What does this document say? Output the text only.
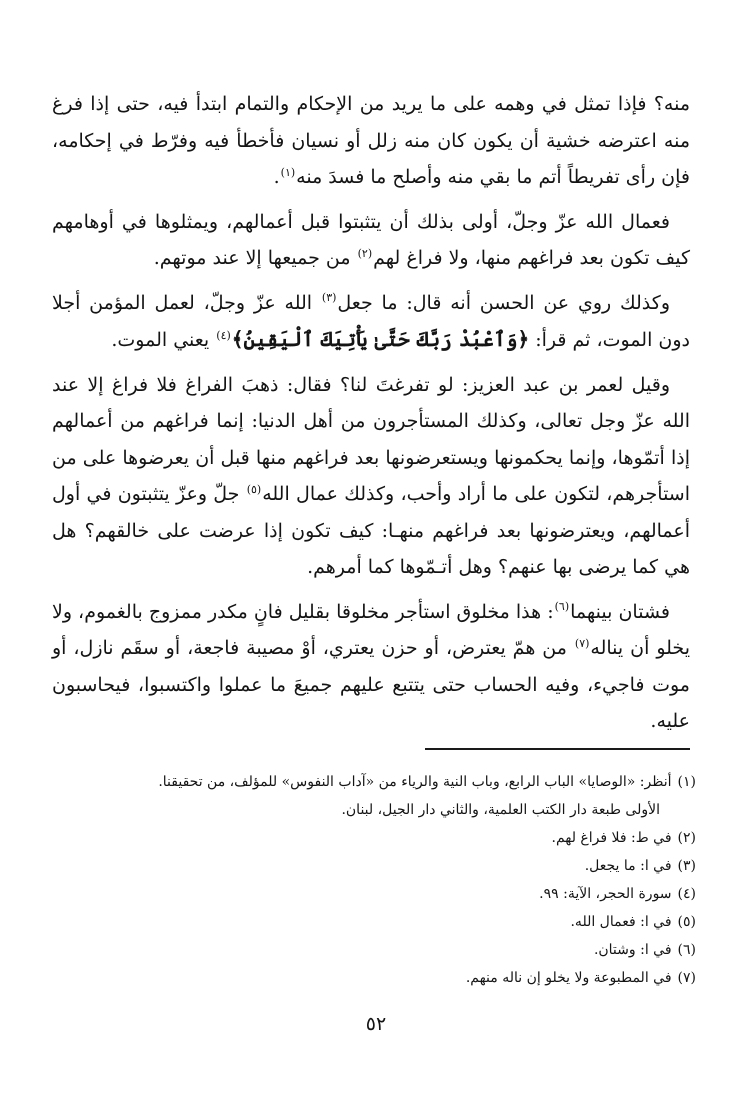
منه؟ فإذا تمثل في وهمه على ما يريد من الإحكام والتمام ابتدأ فيه، حتى إذا فرغ منه اعترضه خشية أن يكون كان منه زلل أو نسيان فأخطأ فيه وفرّط في إحكامه، فإن رأى تفريطاً أتم ما بقي منه وأصلح ما فسدَ منه$^{(١)}$.

فعمال الله عزّ وجلّ، أولى بذلك أن يتثبتوا قبل أعمالهم، ويمثلوها في أوهامهم كيف تكون بعد فراغهم منها، ولا فراغ لهم$^{(٢)}$ من جميعها إلا عند موتهم.

وكذلك روي عن الحسن أنه قال: ما جعل$^{(٣)}$ الله عزّ وجلّ، لعمل المؤمن أجلا دون الموت، ثم قرأ: ﴿وَٱعْبُدْ رَبَّكَ حَتَّىٰ يَأْتِيَكَ ٱلْيَقِينُ﴾$^{(٤)}$ يعني الموت.

وقيل لعمر بن عبد العزيز: لو تفرغتَ لنا؟ فقال: ذهبَ الفراغ فلا فراغ إلا عند الله عزّ وجل تعالى، وكذلك المستأجرون من أهل الدنيا: إنما فراغهم من أعمالهم إذا أتمّوها، وإنما يحكمونها ويستعرضونها بعد فراغهم منها قبل أن يعرضوها على من استأجرهم، لتكون على ما أراد وأحب، وكذلك عمال الله$^{(٥)}$ جلّ وعزّ يتثبتون في أول أعمالهم، ويعترضونها بعد فراغهم منهـا: كيف تكون إذا عرضت على خالقهم؟ هل هي كما يرضى بها عنهم؟ وهل أتـمّوها كما أمرهم.

فشتان بينهما$^{(٦)}$: هذا مخلوق استأجر مخلوقا بقليل فانٍ مكدر ممزوج بالغموم، ولا يخلو أن يناله$^{(٧)}$ من همّ يعترض، أو حزن يعتري، أوْ مصيبة فاجعة، أو سقَم نازل، أو موت فاجيء، وفيه الحساب حتى يتتبع عليهم جميعَ ما عملوا واكتسبوا، فيحاسبون عليه.

(١)أنظر: «الوصايا» الباب الرابع، وباب النية والرياء من «آداب النفوس» للمؤلف، من تحقيقنا.

الأولى طبعة دار الكتب العلمية، والثاني دار الجيل، لبنان.

(٢)في ط: فلا فراغ لهم.

(٣)في ا: ما يجعل.

(٤)سورة الحجر، الآية: ٩٩.

(٥)في ا: فعمال الله.

(٦)في ا: وشتان.

(٧)في المطبوعة ولا يخلو إن ناله منهم.

٥٢
